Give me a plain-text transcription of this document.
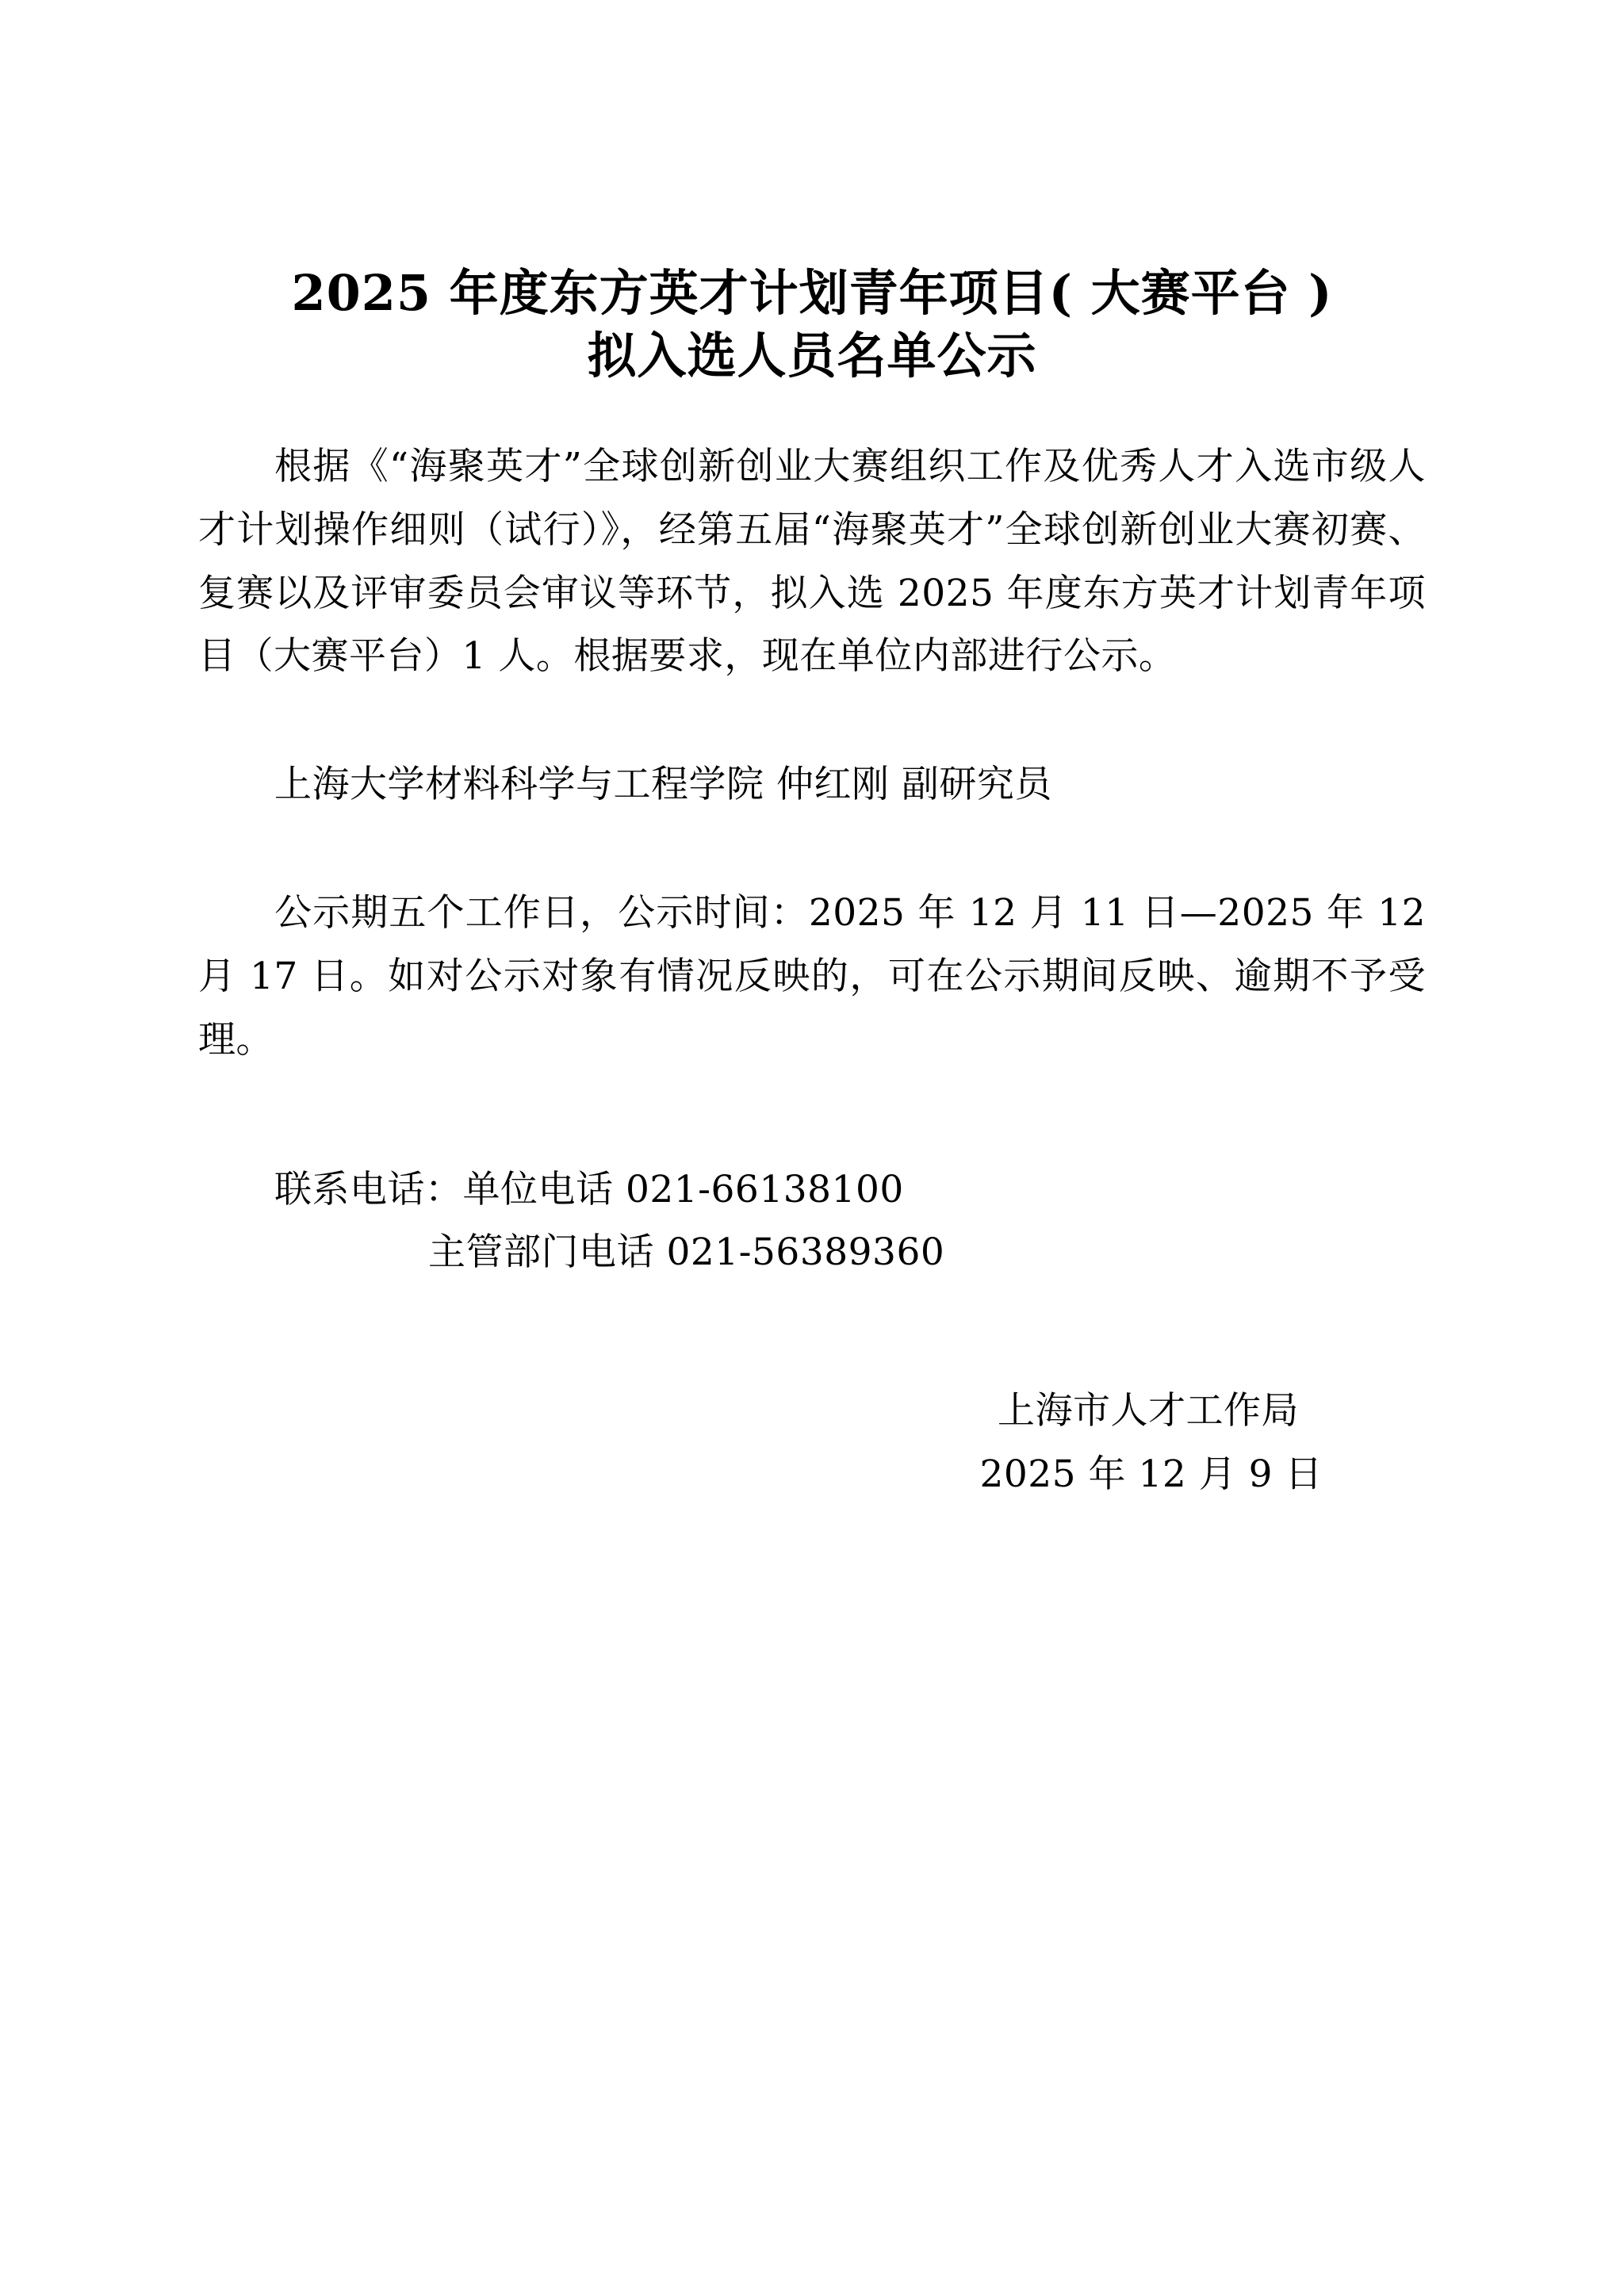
2025 年度东方英才计划青年项目( 大赛平台 )
拟入选人员名单公示

根据《“海聚英才”全球创新创业大赛组织工作及优秀人才入选市级人才计划操作细则（试行）》，经第五届“海聚英才”全球创新创业大赛初赛、复赛以及评审委员会审议等环节，拟入选 2025 年度东方英才计划青年项目（大赛平台）1 人。根据要求，现在单位内部进行公示。

上海大学材料科学与工程学院 仲红刚 副研究员

公示期五个工作日，公示时间：2025 年 12 月 11 日—2025 年 12 月 17 日。如对公示对象有情况反映的，可在公示期间反映、逾期不予受理。

联系电话：单位电话 021-66138100
主管部门电话 021-56389360
上海市人才工作局
2025 年 12 月 9 日
